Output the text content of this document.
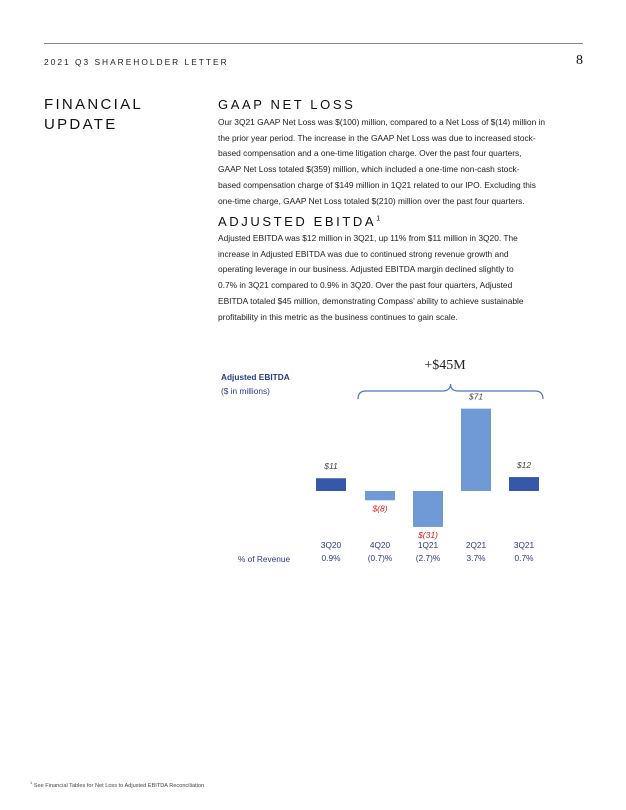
2021 Q3 SHAREHOLDER LETTER	8
FINANCIAL
UPDATE
GAAP NET LOSS
Our 3Q21 GAAP Net Loss was $(100) million, compared to a Net Loss of $(14) million in
the prior year period. The increase in the GAAP Net Loss was due to increased stock-
based compensation and a one-time litigation charge. Over the past four quarters,
GAAP Net Loss totaled $(359) million, which included a one-time non-cash stock-
based compensation charge of $149 million in 1Q21 related to our IPO. Excluding this
one-time charge, GAAP Net Loss totaled $(210) million over the past four quarters.
ADJUSTED EBITDA$^1$
Adjusted EBITDA was $12 million in 3Q21, up 11% from $11 million in 3Q20. The
increase in Adjusted EBITDA was due to continued strong revenue growth and
operating leverage in our business. Adjusted EBITDA margin declined slightly to
0.7% in 3Q21 compared to 0.9% in 3Q20. Over the past four quarters, Adjusted
EBITDA totaled $45 million, demonstrating Compass’ ability to achieve sustainable
profitability in this metric as the business continues to gain scale.
Adjusted EBITDA
($ in millions)
+$45M
% of Revenue
$11
3Q20
0.9%
$(8)
4Q20
(0.7)%
$(31)
1Q21
(2.7)%
$71
2Q21
3.7%
$12
3Q21
0.7%
$^1$ See Financial Tables for Net Loss to Adjusted EBITDA Reconciliation
